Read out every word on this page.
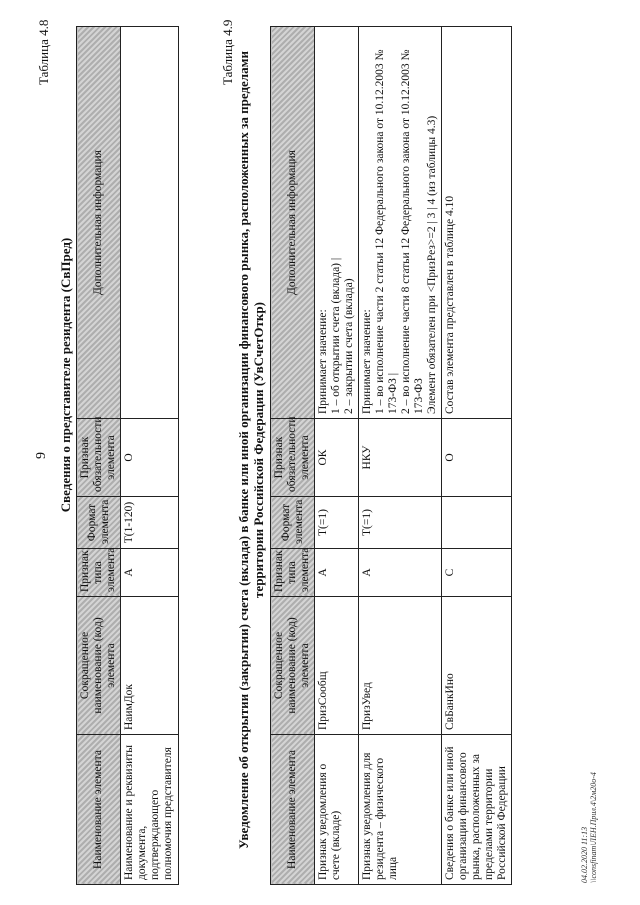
9
Таблица 4.8
Сведения о представителе резидента (СвПред)
Наименование элемента	Сокращенное наименование (код) элемента	Признак типа элемента	Формат элемента	Признак обязательности элемента	Дополнительная информация
Наименование и реквизиты документа, подтверждающего полномочия представителя	НаимДок	А	Т(1-120)	О	
Таблица 4.9 Уведомление об открытии (закрытии) счета (вклада) в банке или иной организации финансового рынка, расположенных за пределами территории Российской Федерации (УвСчетОткр)
Наименование элемента	Сокращенное наименование (код) элемента	Признак типа элемента	Формат элемента	Признак обязательности элемента	Дополнительная информация
Признак уведомления о счете (вкладе)	ПризСообщ	А	Т(=1)	ОК	Принимает значение: 1 – об открытии счета (вклада) | 2 – закрытии счета (вклада)

Признак уведомления для резидента – физического лица	ПризУвед	А	Т(=1)	НКУ	Принимает значение: 1 – во исполнение части 2 статьи 12 Федерального закона от 10.12.2003 № 173-ФЗ | 2 – во исполнение части 8 статьи 12 Федерального закона от 10.12.2003 № 173-ФЗ Элемент обязателен при <ПризРез>=2 | 3 | 4 (из таблицы 4.3)

Сведения о банке или иной организации финансового рынка, расположенных за пределами территории Российской Федерации	СвБанкИно	С		О	Состав элемента представлен в таблице 4.10
04.02.2020 11:13 \\consfinam\ЛЕН.Прил.4\2м20о-4
